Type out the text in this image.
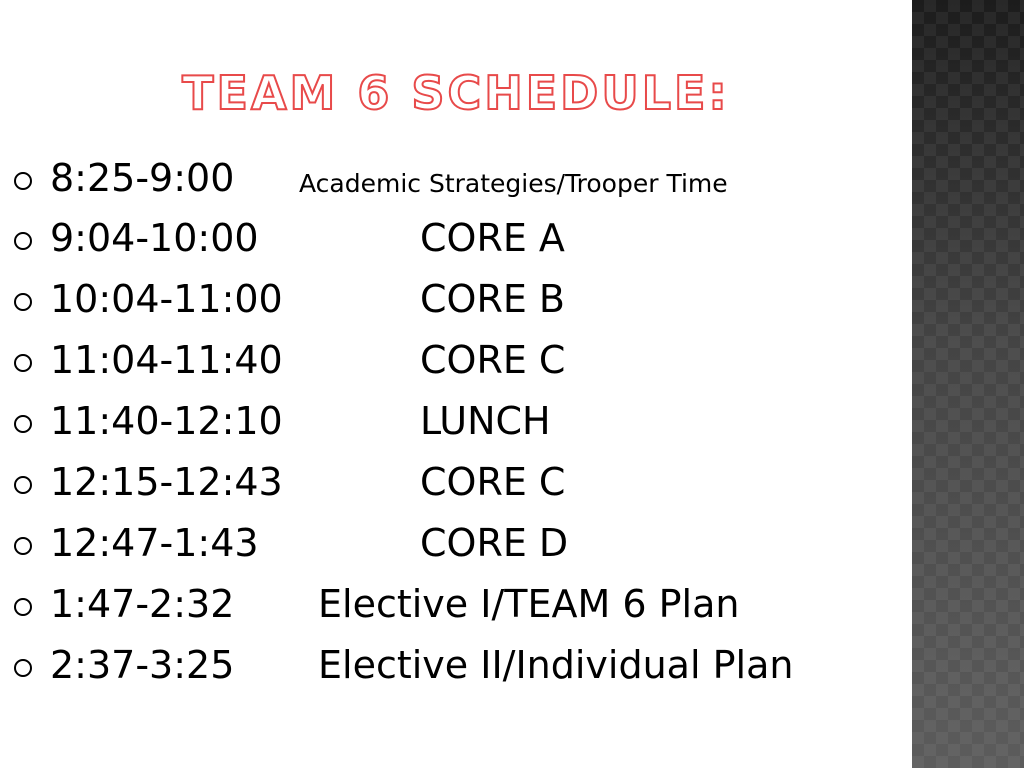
TEAM 6 SCHEDULE:
8:25-9:00	Academic Strategies/Trooper Time
9:04-10:00	CORE A
10:04-11:00	CORE B
11:04-11:40	CORE C
11:40-12:10	LUNCH
12:15-12:43	CORE C
12:47-1:43	CORE D
1:47-2:32 Elective I/TEAM 6 Plan
2:37-3:25 Elective II/Individual Plan
